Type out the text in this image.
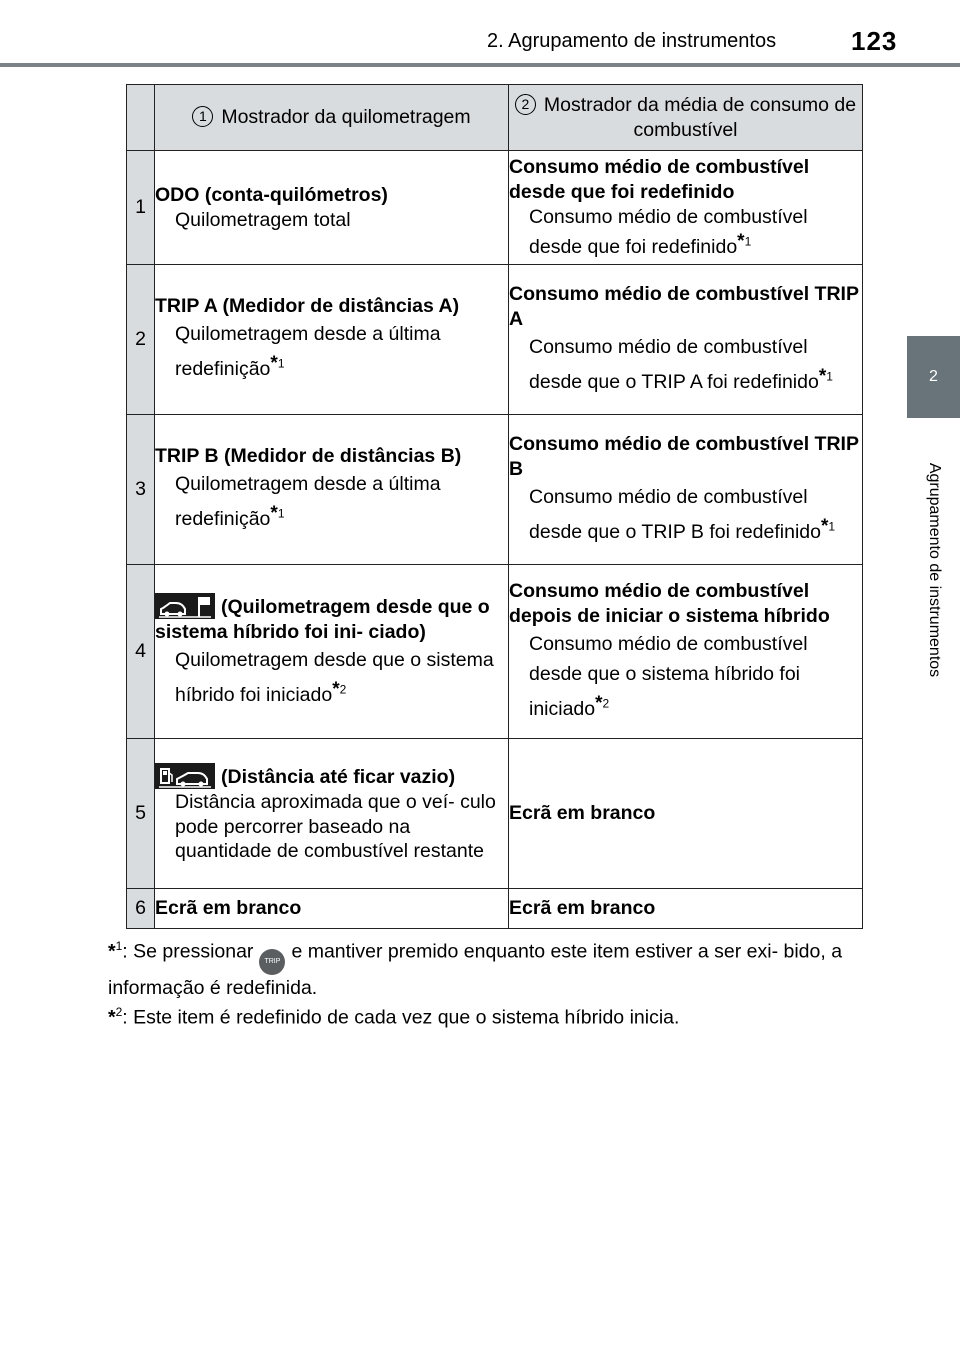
2. Agrupamento de instrumentos	123
2
Agrupamento de instrumentos
	1 Mostrador da quilometragem	2 Mostrador da média de consumo de combustível
1	ODO (conta-quilómetros)
Quilometragem total	Consumo médio de combustível desde que foi redefinido
Consumo médio de combustível desde que foi redefinido*$^1$

2	TRIP A (Medidor de distâncias A)
Quilometragem desde a última redefinição*$^1$	Consumo médio de combustível TRIP A
Consumo médio de combustível desde que o TRIP A foi redefinido*$^1$

3	TRIP B (Medidor de distâncias B)
Quilometragem desde a última redefinição*$^1$	Consumo médio de combustível TRIP B
Consumo médio de combustível desde que o TRIP B foi redefinido*$^1$

4	(Quilometragem desde que o sistema híbrido foi ini- ciado)
Quilometragem desde que o sistema híbrido foi iniciado*$^2$	Consumo médio de combustível depois de iniciar o sistema híbrido
Consumo médio de combustível desde que o sistema híbrido foi iniciado*$^2$

5	(Distância até ficar vazio)
Distância aproximada que o veí- culo pode percorrer baseado na quantidade de combustível restante	Ecrã em branco

6	Ecrã em branco	Ecrã em branco
*$^1$: Se pressionar TRIP e mantiver premido enquanto este item estiver a ser exi- bido, a informação é redefinida.
*$^2$: Este item é redefinido de cada vez que o sistema híbrido inicia.
